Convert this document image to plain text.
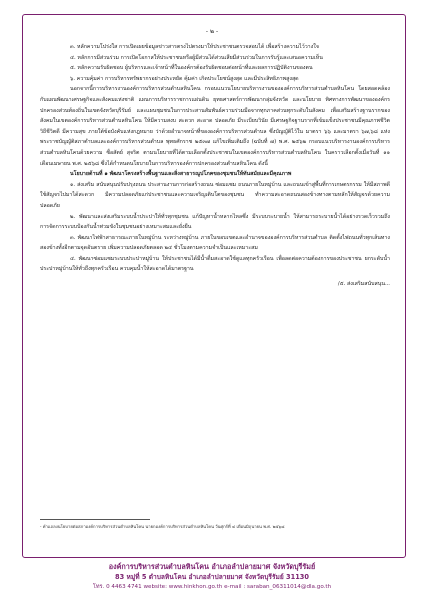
- ๒ -

๓. หลักความโปร่งใส การเปิดเผยข้อมูลข่าวสารตรงไปตรงมาให้ประชาชนตรวจสอบได้ เพื่อสร้างความไว้วางใจ

๔. หลักการมีส่วนร่วม การเปิดโอกาสให้ประชาชนหรือผู้มีส่วนได้ส่วนเสียมีส่วนร่วมในการรับรู้และเสนอความเห็น

๕. หลักความรับผิดชอบ ผู้บริหารและเจ้าหน้าที่ในองค์กรต้องรับผิดชอบต่อหน้าที่และผลการปฏิบัติงานของตน

๖. ความคุ้มค่า การบริหารทรัพยากรอย่างประหยัด คุ้มค่า เกิดประโยชน์สูงสุด และมีประสิทธิภาพสูงสุด

นอกจากนี้การบริหารงานองค์การบริหารส่วนตำบลหินโคน กรอบแนวนโยบายบริหารงานขององค์การบริหารส่วนตำบลหินโคน โดยสอดคล้องกับแผนพัฒนาเศรษฐกิจและสังคมแห่งชาติ แผนการบริหารราชการแผ่นดิน ยุทธศาสตร์การพัฒนากลุ่มจังหวัด และนโยบาย ทิศทางการพัฒนาขององค์กรปกครองส่วนท้องถิ่นในเขตจังหวัดบุรีรัมย์ และแผนชุมชนในการประสานสัมพันธ์ความร่วมมือจากทุกภาคส่วนทุกระดับในสังคม เพื่อเสริมสร้างฐานรากของสังคมในเขตองค์การบริหารส่วนตำบลหินโคน ให้มีความสงบ สะดวก สะอาด ปลอดภัย มีระเบียบวินัย มีเศรษฐกิจฐานรากที่เข้มแข็งประชาชนมีคุณภาพชีวิต วิถีชีวิตดี มีความสุข ภายใต้ข้อบังคับแห่งกฎหมาย ว่าด้วยอำนาจหน้าที่ขององค์การบริหารส่วนตำบล ซึ่งบัญญัติไว้ใน มาตรา ๖๖ และมาตรา ๖๗,๖๘ แห่งพระราชบัญญัติสภาตำบลและองค์การบริหารส่วนตำบล พุทธศักราช ๒๕๓๗ แก้ไขเพิ่มเติมถึง (ฉบับที่ ๗) พ.ศ. ๒๕๖๒ กรอบแนวบริหารงานองค์การบริหารส่วนตำบลหินโคนด้วยความ ซื่อสัตย์ สุจริต ตามนโยบายที่ได้ตามเลือกตั้งประชาชนในเขตองค์การบริหารส่วนตำบลหินโคน ในคราวเลือกตั้งเมื่อวันที่ ๑๑ เดือนเมษายน พ.ศ. ๒๕๖๘ ซึ่งได้กำหนดนโยบายในการบริหารองค์การปกครองส่วนตำบลหินโคน ดังนี้

นโยบายด้านที่ ๑ พัฒนาโครงสร้างพื้นฐานและสิ่งสาธารณูปโภคของชุมชนให้ทันสมัยและมีคุณภาพ

๑. ส่งเสริม สนับสนุนปรับปรุงถนน ประสานงานการก่อสร้างถนน ซ่อมแซม ถนนภายในหมู่บ้าน และถนนเข้าสู่พื้นที่การเกษตรกรรม ให้มีสภาพดีใช้สัญจรไปมาได้สะดวก มีความปลอดภัยแก่ประชาชนและความเจริญเติบโตของชุมชน ทำความสะอาดถนนสองข้างทางตามหลักให้สัญจรด้วยความปลอดภัย

๒. พัฒนาและส่งเสริมระบบน้ำประปาให้ทั่วทุกชุมชน แก้ปัญหาน้ำหลากไหลซึ่ง มีระบบระบายน้ำ ให้สามารถระบายน้ำได้อย่างรวดเร็วรวมถึงการจัดการระบบป้องกันน้ำท่วมขังในชุมชนอย่างเหมาะสมและยั่งยืน

๓. พัฒนาไฟฟ้าสาธารณะภายในหมู่บ้าน ระหว่างหมู่บ้าน ภายในขอบเขตและอำนาจขององค์การบริหารส่วนตำบล ติดตั้งไฟถนนทั่วทุกเส้นทางสองข้างทั้งอีกตามจุดอันตราย เพิ่มความปลอดภัยตลอด ๒๔ ชั่วโมงตามความจำเป็นและเหมาะสม

๔. พัฒนาซ่อมแซมระบบประปาหมู่บ้าน ให้ประชาชนได้มีน้ำดื่มสะอาดใช้ดูแลทุกครัวเรือน เพื่อลดต่อความต้องการของประชาชน ยกระดับน้ำประปาหมู่บ้านให้ทั่วถึงทุกครัวเรือน ควบคุมน้ำให้สะอาดได้มาตรฐาน

/๕. ส่งเสริมสนับสนุน...

- คำแถลงนโยบายต่อสภาองค์การบริหารส่วนตำบลหินโคน นายกองค์การบริหารส่วนตำบลหินโคน วันศุกร์ที่ ๔ เดือนมิถุนายน พ.ศ. ๒๕๖๘
องค์การบริหารส่วนตำบลหินโคน อำเภอลำปลายมาศ จังหวัดบุรีรัมย์
83 หมู่ที่ 5 ตำบลหินโคน อำเภอลำปลายมาศ จังหวัดบุรีรัมย์ 31130
โทร. 0 4463 4741 website: www.hinkhon.go.th e-mail : saraban_06311014@dla.go.th
